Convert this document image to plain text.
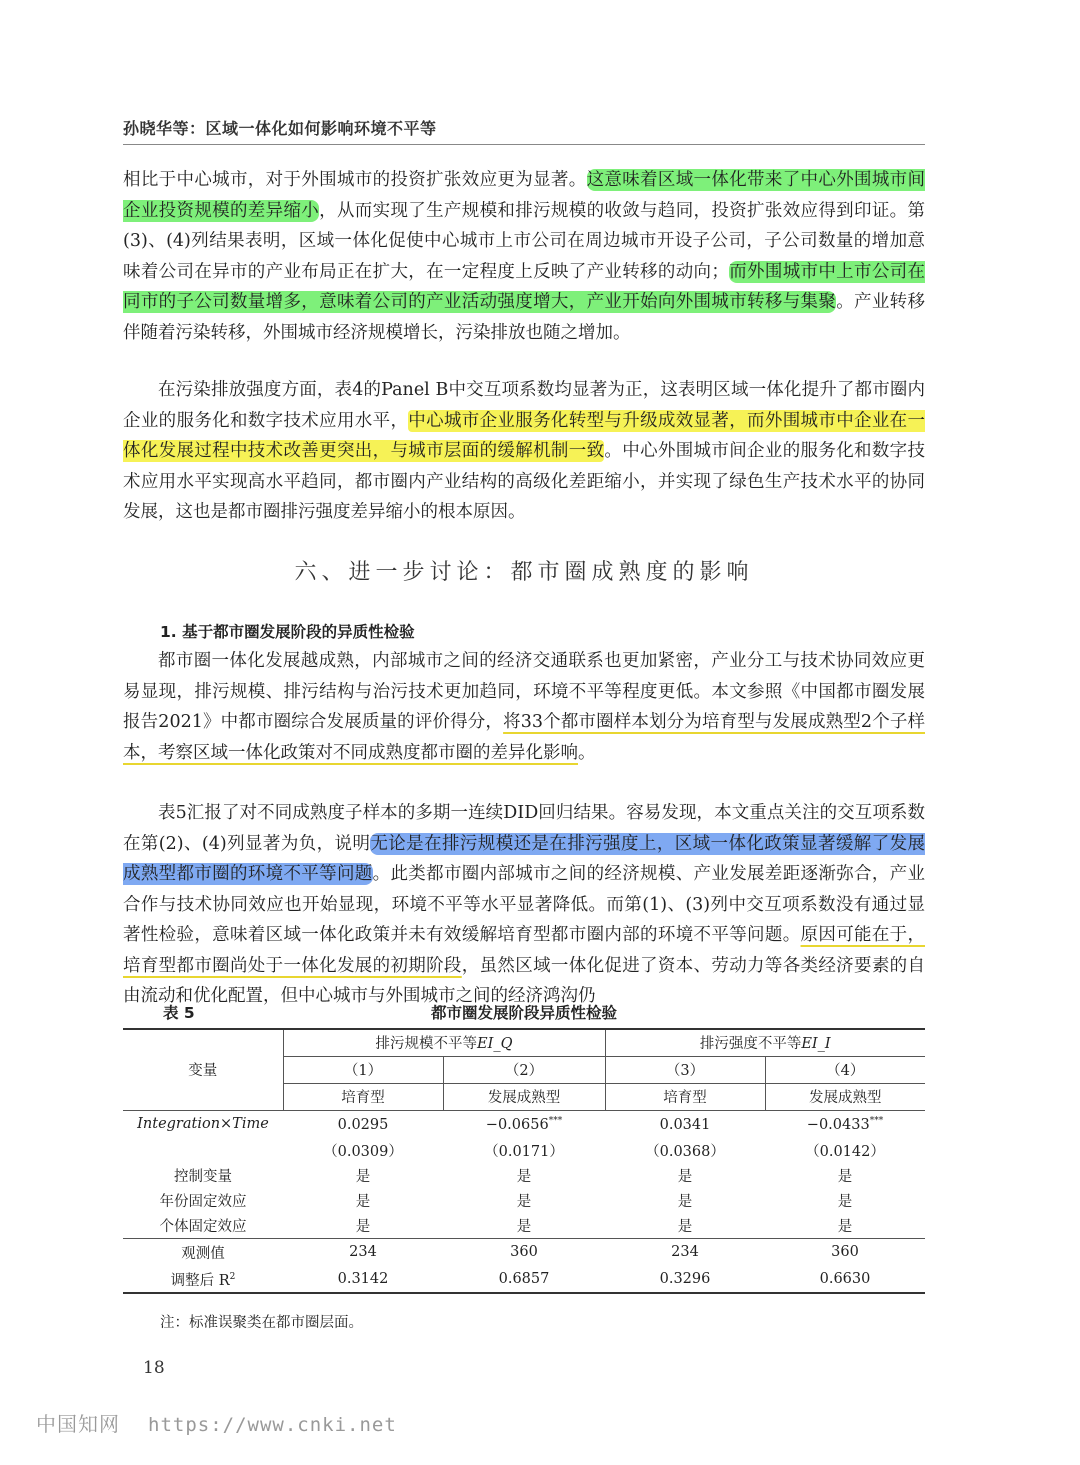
孙晓华等：区域一体化如何影响环境不平等

相比于中心城市，对于外围城市的投资扩张效应更为显著。这意味着区域一体化带来了中心外围城市间企业投资规模的差异缩小，从而实现了生产规模和排污规模的收敛与趋同，投资扩张效应得到印证。第(3)、(4)列结果表明，区域一体化促使中心城市上市公司在周边城市开设子公司，子公司数量的增加意味着公司在异市的产业布局正在扩大，在一定程度上反映了产业转移的动向；而外围城市中上市公司在同市的子公司数量增多，意味着公司的产业活动强度增大，产业开始向外围城市转移与集聚。产业转移伴随着污染转移，外围城市经济规模增长，污染排放也随之增加。

在污染排放强度方面，表4的Panel B中交互项系数均显著为正，这表明区域一体化提升了都市圈内企业的服务化和数字技术应用水平，中心城市企业服务化转型与升级成效显著，而外围城市中企业在一体化发展过程中技术改善更突出，与城市层面的缓解机制一致。中心外围城市间企业的服务化和数字技术应用水平实现高水平趋同，都市圈内产业结构的高级化差距缩小，并实现了绿色生产技术水平的协同发展，这也是都市圈排污强度差异缩小的根本原因。

六、进一步讨论：都市圈成熟度的影响
1. 基于都市圈发展阶段的异质性检验

都市圈一体化发展越成熟，内部城市之间的经济交通联系也更加紧密，产业分工与技术协同效应更易显现，排污规模、排污结构与治污技术更加趋同，环境不平等程度更低。本文参照《中国都市圈发展报告2021》中都市圈综合发展质量的评价得分，将33个都市圈样本划分为培育型与发展成熟型2个子样本，考察区域一体化政策对不同成熟度都市圈的差异化影响。

表5汇报了对不同成熟度子样本的多期一连续DID回归结果。容易发现，本文重点关注的交互项系数在第(2)、(4)列显著为负，说明无论是在排污规模还是在排污强度上，区域一体化政策显著缓解了发展成熟型都市圈的环境不平等问题。此类都市圈内部城市之间的经济规模、产业发展差距逐渐弥合，产业合作与技术协同效应也开始显现，环境不平等水平显著降低。而第(1)、(3)列中交互项系数没有通过显著性检验，意味着区域一体化政策并未有效缓解培育型都市圈内部的环境不平等问题。原因可能在于，培育型都市圈尚处于一体化发展的初期阶段，虽然区域一体化促进了资本、劳动力等各类经济要素的自由流动和优化配置，但中心城市与外围城市之间的经济鸿沟仍

表 5	都市圈发展阶段异质性检验
变量	排污规模不平等EI_Q		排污强度不平等EI_I	
	（1）	（2）	（3）	（4）
	培育型	发展成熟型	培育型	发展成熟型
Integration×Time	0.0295	−0.0656***	0.0341	−0.0433***
	（0.0309）	（0.0171）	（0.0368）	（0.0142）
控制变量	是	是	是	是
年份固定效应	是	是	是	是
个体固定效应	是	是	是	是
观测值	234	360	234	360
调整后 $R^2$	0.3142	0.6857	0.3296	0.6630
注：标准误聚类在都市圈层面。
18
中国知网 https://www.cnki.net
